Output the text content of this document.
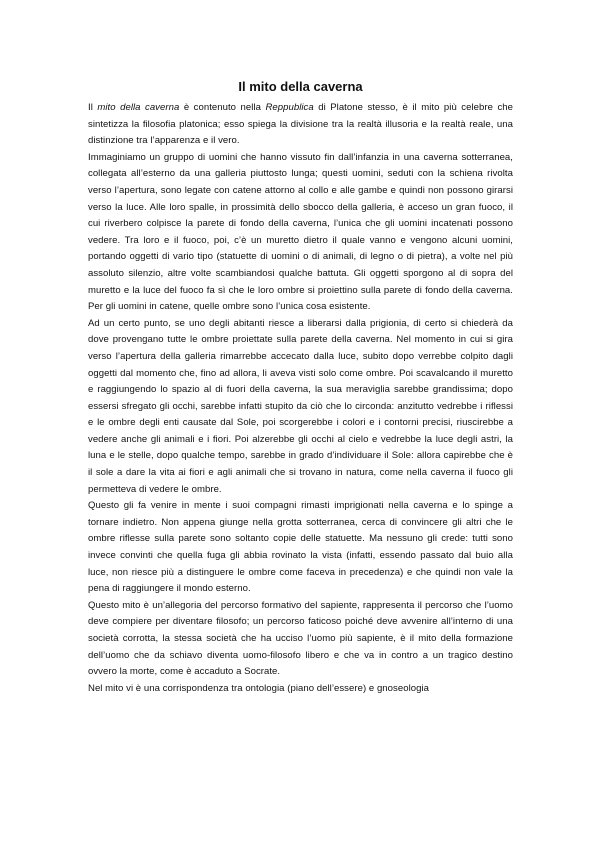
Il mito della caverna

Il mito della caverna è contenuto nella Reppublica di Platone stesso, è il mito più celebre che sintetizza la filosofia platonica; esso spiega la divisione tra la realtà illusoria e la realtà reale, una distinzione tra l’apparenza e il vero.

Immaginiamo un gruppo di uomini che hanno vissuto fin dall’infanzia in una caverna sotterranea, collegata all’esterno da una galleria piuttosto lunga; questi uomini, seduti con la schiena rivolta verso l’apertura, sono legate con catene attorno al collo e alle gambe e quindi non possono girarsi verso la luce. Alle loro spalle, in prossimità dello sbocco della galleria, è acceso un gran fuoco, il cui riverbero colpisce la parete di fondo della caverna, l’unica che gli uomini incatenati possono vedere. Tra loro e il fuoco, poi, c’è un muretto dietro il quale vanno e vengono alcuni uomini, portando oggetti di vario tipo (statuette di uomini o di animali, di legno o di pietra), a volte nel più assoluto silenzio, altre volte scambiandosi qualche battuta. Gli oggetti sporgono al di sopra del muretto e la luce del fuoco fa sì che le loro ombre si proiettino sulla parete di fondo della caverna. Per gli uomini in catene, quelle ombre sono l’unica cosa esistente.

Ad un certo punto, se uno degli abitanti riesce a liberarsi dalla prigionia, di certo si chiederà da dove provengano tutte le ombre proiettate sulla parete della caverna. Nel momento in cui si gira verso l’apertura della galleria rimarrebbe accecato dalla luce, subito dopo verrebbe colpito dagli oggetti dal momento che, fino ad allora, li aveva visti solo come ombre. Poi scavalcando il muretto e raggiungendo lo spazio al di fuori della caverna, la sua meraviglia sarebbe grandissima; dopo essersi sfregato gli occhi, sarebbe infatti stupito da ciò che lo circonda: anzitutto vedrebbe i riflessi e le ombre degli enti causate dal Sole, poi scorgerebbe i colori e i contorni precisi, riuscirebbe a vedere anche gli animali e i fiori. Poi alzerebbe gli occhi al cielo e vedrebbe la luce degli astri, la luna e le stelle, dopo qualche tempo, sarebbe in grado d’individuare il Sole: allora capirebbe che è il sole a dare la vita ai fiori e agli animali che si trovano in natura, come nella caverna il fuoco gli permetteva di vedere le ombre.

Questo gli fa venire in mente i suoi compagni rimasti imprigionati nella caverna e lo spinge a tornare indietro. Non appena giunge nella grotta sotterranea, cerca di convincere gli altri che le ombre riflesse sulla parete sono soltanto copie delle statuette. Ma nessuno gli crede: tutti sono invece convinti che quella fuga gli abbia rovinato la vista (infatti, essendo passato dal buio alla luce, non riesce più a distinguere le ombre come faceva in precedenza) e che quindi non vale la pena di raggiungere il mondo esterno.

Questo mito è un’allegoria del percorso formativo del sapiente, rappresenta il percorso che l’uomo deve compiere per diventare filosofo; un percorso faticoso poiché deve avvenire all’interno di una società corrotta, la stessa società che ha ucciso l’uomo più sapiente, è il mito della formazione dell’uomo che da schiavo diventa uomo-filosofo libero e che va in contro a un tragico destino ovvero la morte, come è accaduto a Socrate.

Nel mito vi è una corrispondenza tra ontologia (piano dell’essere) e gnoseologia
